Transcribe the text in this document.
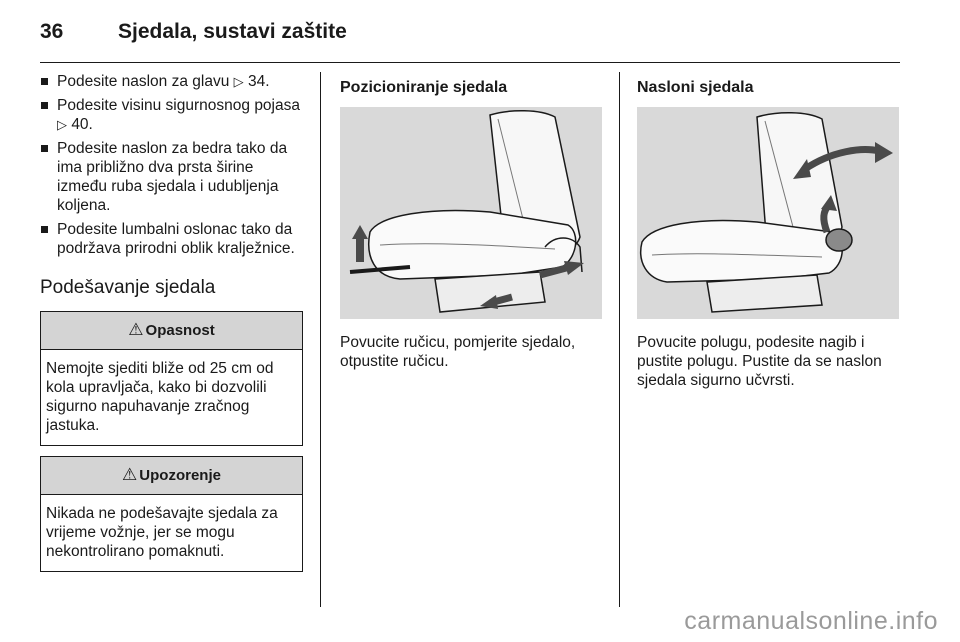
36	Sjedala, sustavi zaštite
Podesite naslon za glavu ▷ 34.
Podesite visinu sigurnosnog pojasa ▷ 40.
Podesite naslon za bedra tako da ima približno dva prsta širine između ruba sjedala i udubljenja koljena.
Podesite lumbalni oslonac tako da podržava prirodni oblik kralježnice.
Podešavanje sjedala
⚠ Opasnost
Nemojte sjediti bliže od 25 cm od kola upravljača, kako bi dozvolili sigurno napuhavanje zračnog jastuka.
⚠ Upozorenje
Nikada ne podešavajte sjedala za vrijeme vožnje, jer se mogu nekontrolirano pomaknuti.
Pozicioniranje sjedala
Povucite ručicu, pomjerite sjedalo, otpustite ručicu.
Nasloni sjedala
Povucite polugu, podesite nagib i pustite polugu. Pustite da se naslon sjedala sigurno učvrsti.
carmanualsonline.info
